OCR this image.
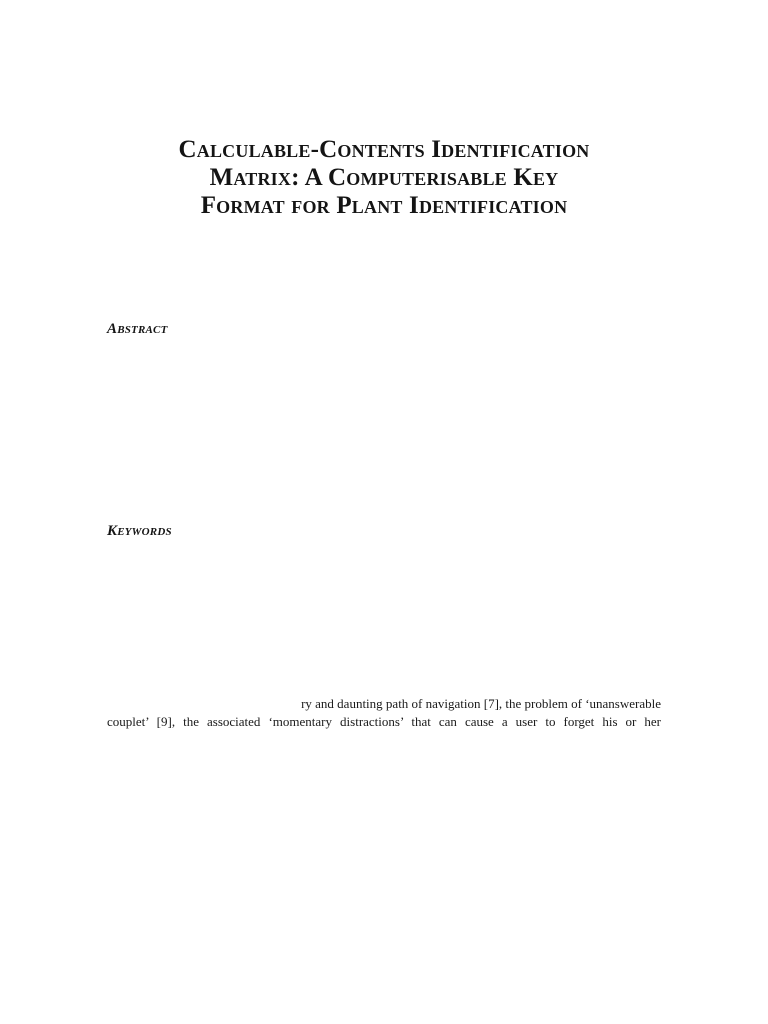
Calculable-Contents Identification
Matrix: A Computerisable Key
Format for Plant Identification
Abstract
Keywords
ry and daunting path of navigation [7], the problem of ‘unanswerable
couplet’ [9], the associated ‘momentary distractions’ that can cause a user to forget his or her
